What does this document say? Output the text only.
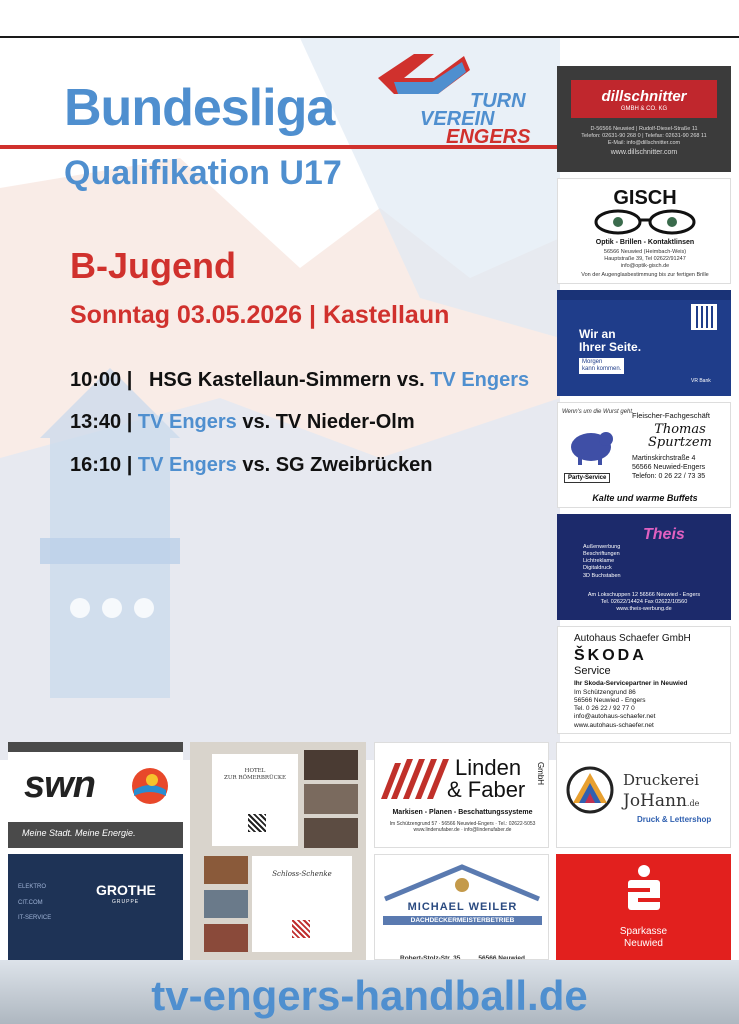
Bundesliga
Qualifikation U17
TURN
VEREIN
ENGERS
B-Jugend
Sonntag 03.05.2026 | Kastellaun
10:00 | HSG Kastellaun-Simmern vs. TV Engers
13:40 | TV Engers vs. TV Nieder-Olm
16:10 | TV Engers vs. SG Zweibrücken
dillschnitter
GMBH & CO. KG
D-56566 Neuwied | Rudolf-Diesel-Straße 11
Telefon: 02631-90 268 0 | Telefax: 02631-90 268 11
E-Mail: info@dillschnitter.com
www.dillschnitter.com
GISCH
Optik - Brillen - Kontaktlinsen
56566 Neuwied (Heimbach-Weis)
Hauptstraße 39, Tel 02622/91247
info@optik-gisch.de
Von der Augenglasbestimmung bis zur fertigen Brille
Wir an
Ihrer Seite.
Morgen
kann kommen.
VR Bank
Wenn's um die Wurst geht.
Fleischer-Fachgeschäft
Thomas
Spurtzem
Party-Service
Martinskirchstraße 4
56566 Neuwied-Engers
Telefon: 0 26 22 / 73 35
Kalte und warme Buffets
Theis
Außenwerbung
Beschriftungen
Lichtreklame
Digitaldruck
3D Buchstaben
Am Lokschuppen 12 56566 Neuwied - Engers
Tel. 02622/14424 Fax 02622/10560
www.theis-werbung.de
Autohaus Schaefer GmbH
ŠKODA
Service
Ihr Skoda-Servicepartner in Neuwied
Im Schützengrund 86
56566 Neuwied - Engers
Tel. 0 26 22 / 92 77 0
info@autohaus-schaefer.net
www.autohaus-schaefer.net
swn
Meine Stadt. Meine Energie.
ELEKTRO
CIT.COM
IT-SERVICE
GROTHE
GRUPPE
HOTEL
ZUR RÖMERBRÜCKE
Schloss-Schenke
Linden
& Faber
GmbH
Markisen - Planen - Beschattungssysteme
Im Schützengrund 57 · 56566 Neuwied-Engers · Tel.: 02622-5053
www.lindenufaber.de · info@lindenufaber.de
MICHAEL WEILER
DACHDECKERMEISTERBETRIEB

Robert-Stolz-Str. 35          56566 Neuwied

Druckerei
JoHann.de
Druck & Lettershop
Sparkasse
Neuwied
tv-engers-handball.de
